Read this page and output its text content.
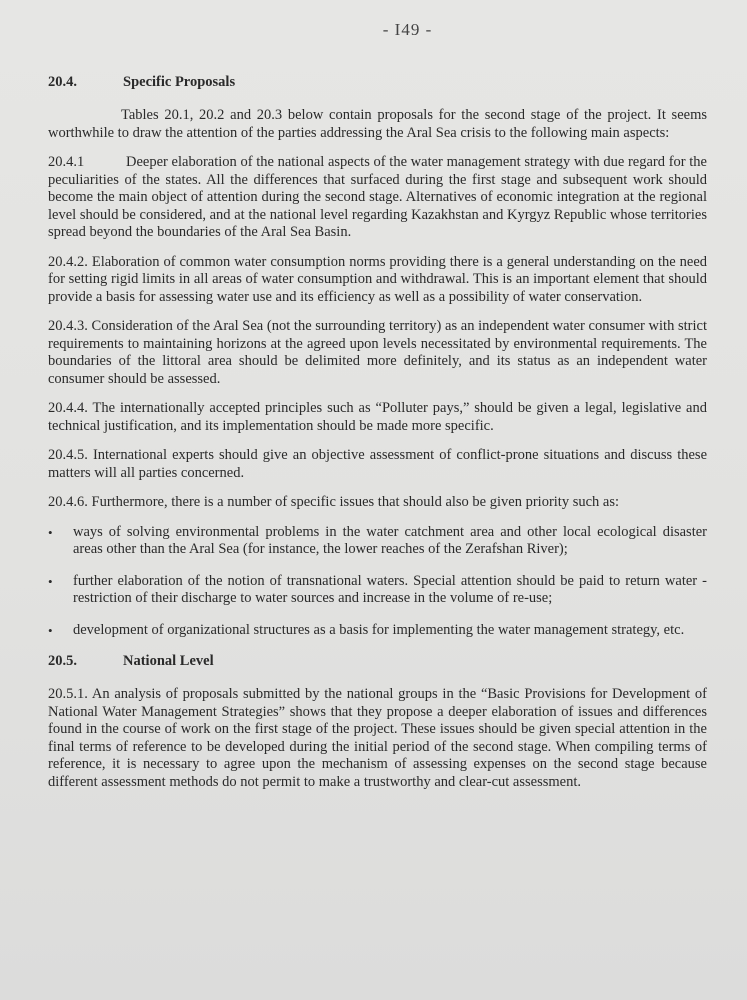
- I49 -
20.4.	Specific Proposals

Tables 20.1, 20.2 and 20.3 below contain proposals for the second stage of the project. It seems worthwhile to draw the attention of the parties addressing the Aral Sea crisis to the following main aspects:

20.4.1	Deeper elaboration of the national aspects of the water management strategy with due regard for the peculiarities of the states. All the differences that surfaced during the first stage and subsequent work should become the main object of attention during the second stage. Alternatives of economic integration at the regional level should be considered, and at the national level regarding Kazakhstan and Kyrgyz Republic whose territories spread beyond the boundaries of the Aral Sea Basin.

20.4.2. Elaboration of common water consumption norms providing there is a general understanding on the need for setting rigid limits in all areas of water consumption and withdrawal. This is an important element that should provide a basis for assessing water use and its efficiency as well as a possibility of water conservation.

20.4.3. Consideration of the Aral Sea (not the surrounding territory) as an independent water consumer with strict requirements to maintaining horizons at the agreed upon levels necessitated by environmental requirements. The boundaries of the littoral area should be delimited more definitely, and its status as an independent water consumer should be assessed.

20.4.4. The internationally accepted principles such as “Polluter pays,” should be given a legal, legislative and technical justification, and its implementation should be made more specific.

20.4.5. International experts should give an objective assessment of conflict-prone situations and discuss these matters will all parties concerned.

20.4.6. Furthermore, there is a number of specific issues that should also be given priority such as:

• ways of solving environmental problems in the water catchment area and other local ecological disaster areas other than the Aral Sea (for instance, the lower reaches of the Zerafshan River);
• further elaboration of the notion of transnational waters. Special attention should be paid to return water - restriction of their discharge to water sources and increase in the volume of re-use;
• development of organizational structures as a basis for implementing the water management strategy, etc.
20.5.	National Level

20.5.1. An analysis of proposals submitted by the national groups in the “Basic Provisions for Development of National Water Management Strategies” shows that they propose a deeper elaboration of issues and differences found in the course of work on the first stage of the project. These issues should be given special attention in the final terms of reference to be developed during the initial period of the second stage. When compiling terms of reference, it is necessary to agree upon the mechanism of assessing expenses on the second stage because different assessment methods do not permit to make a trustworthy and clear-cut assessment.
